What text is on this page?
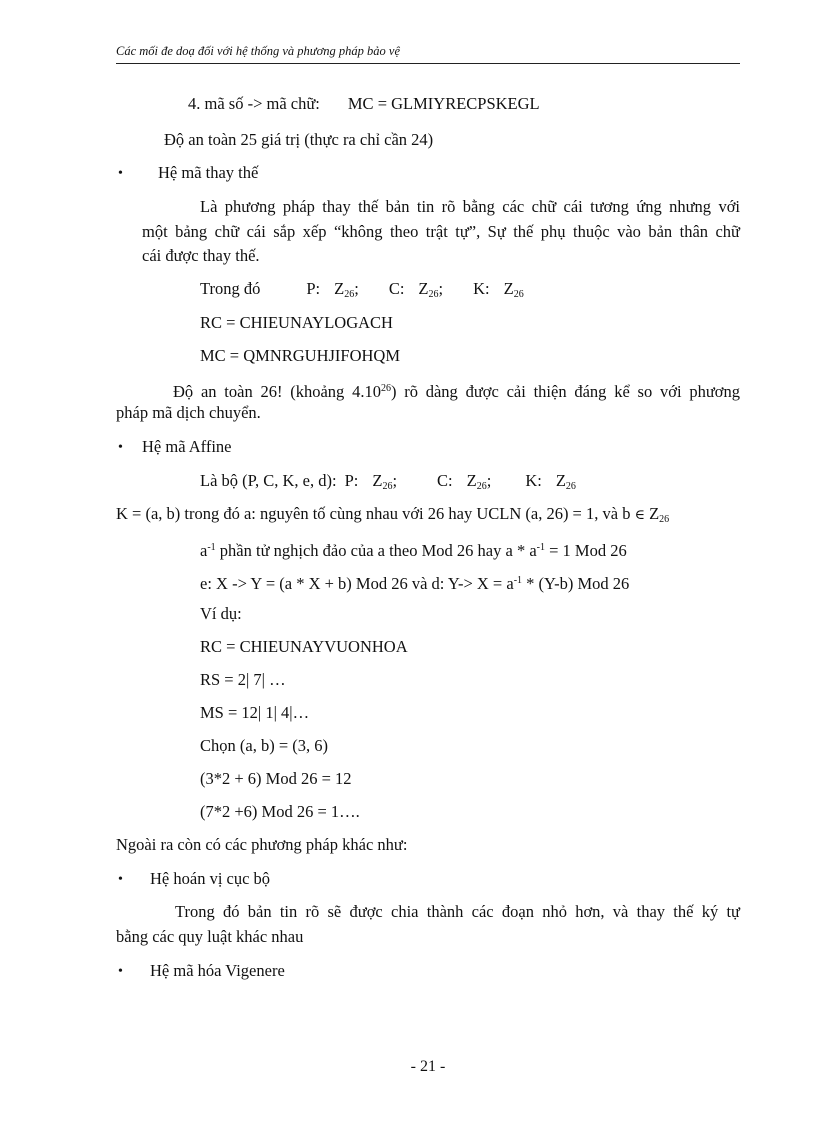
Các mối đe doạ đối với hệ thống và phương pháp bảo vệ
4. mã số -> mã chữ: MC = GLMIYRECPSKEGL
Độ an toàn 25 giá trị (thực ra chỉ cần 24)
• Hệ mã thay thế
Là phương pháp thay thế bản tin rõ bằng các chữ cái tương ứng nhưng với
một bảng chữ cái sắp xếp “không theo trật tự”, Sự thế phụ thuộc vào bản thân chữ
cái được thay thế.
Trong đó	P: $Z_{26}$; C: $Z_{26}$; K: $Z_{26}$
RC = CHIEUNAYLOGACH
MC = QMNRGUHJIFOHQM
Độ an toàn 26! (khoảng 4.10$^{26}$) rõ dàng được cải thiện đáng kể so với phương
pháp mã dịch chuyển.
• Hệ mã Affine
Là bộ (P, C, K, e, d): P: $Z_{26}$; C: $Z_{26}$; K: $Z_{26}$
K = (a, b) trong đó a: nguyên tố cùng nhau với 26 hay UCLN (a, 26) = 1, và b ∈ $Z_{26}$
$a^{-1}$ phần tử nghịch đảo của a theo Mod 26 hay $a * a^{-1} = 1$ Mod 26
e: X -> Y = (a * X + b) Mod 26 và d: $Y-> X = a^{-1} * (Y-b)$ Mod 26
Ví dụ:
RC = CHIEUNAYVUONHOA
RS = 2| 7| …
MS = 12| 1| 4|…
Chọn (a, b) = (3, 6)
(3*2 + 6) Mod 26 = 12
(7*2 +6) Mod 26 = 1….
Ngoài ra còn có các phương pháp khác như:
• Hệ hoán vị cục bộ
Trong đó bản tin rõ sẽ được chia thành các đoạn nhỏ hơn, và thay thế ký tự
bằng các quy luật khác nhau
• Hệ mã hóa Vigenere
- 21 -
